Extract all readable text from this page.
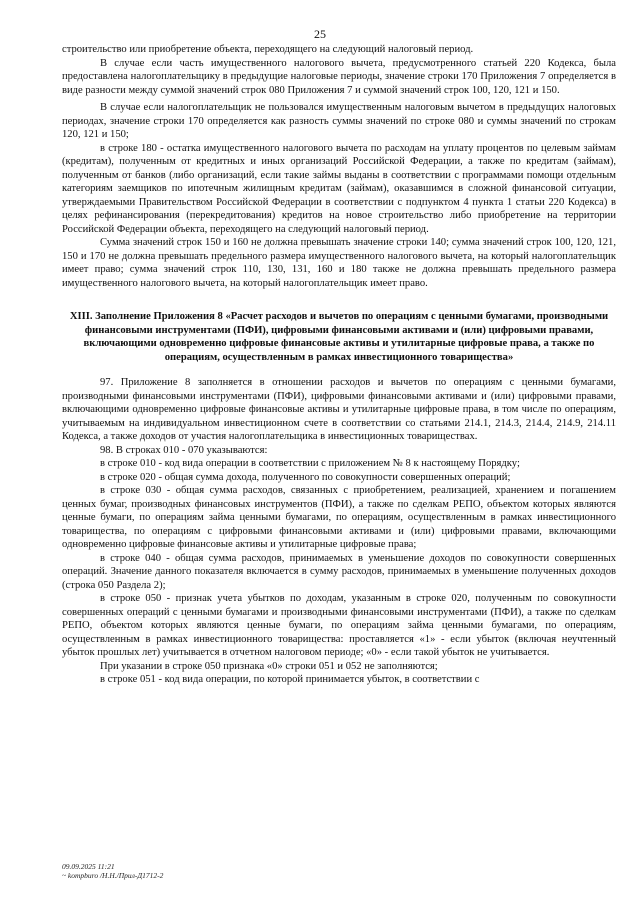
25

строительство или приобретение объекта, переходящего на следующий налоговый период.

В случае если часть имущественного налогового вычета, предусмотренного статьей 220 Кодекса, была предоставлена налогоплательщику в предыдущие налоговые периоды, значение строки 170 Приложения 7 определяется в виде разности между суммой значений строк 080 Приложения 7 и суммой значений строк 100, 120, 121 и 150.

В случае если налогоплательщик не пользовался имущественным налоговым вычетом в предыдущих налоговых периодах, значение строки 170 определяется как разность суммы значений по строке 080 и суммы значений по строкам 120, 121 и 150;

в строке 180 - остатка имущественного налогового вычета по расходам на уплату процентов по целевым займам (кредитам), полученным от кредитных и иных организаций Российской Федерации, а также по кредитам (займам), полученным от банков (либо организаций, если такие займы выданы в соответствии с программами помощи отдельным категориям заемщиков по ипотечным жилищным кредитам (займам), оказавшимся в сложной финансовой ситуации, утверждаемыми Правительством Российской Федерации в соответствии с подпунктом 4 пункта 1 статьи 220 Кодекса) в целях рефинансирования (перекредитования) кредитов на новое строительство либо приобретение на территории Российской Федерации объекта, переходящего на следующий налоговый период.

Сумма значений строк 150 и 160 не должна превышать значение строки 140; сумма значений строк 100, 120, 121, 150 и 170 не должна превышать предельного размера имущественного налогового вычета, на который налогоплательщик имеет право; сумма значений строк 110, 130, 131, 160 и 180 также не должна превышать предельного размера имущественного налогового вычета, на который налогоплательщик имеет право.

XIII. Заполнение Приложения 8 «Расчет расходов и вычетов по операциям с ценными бумагами, производными финансовыми инструментами (ПФИ), цифровыми финансовыми активами и (или) цифровыми правами, включающими одновременно цифровые финансовые активы и утилитарные цифровые права, а также по операциям, осуществленным в рамках инвестиционного товарищества»

97. Приложение 8 заполняется в отношении расходов и вычетов по операциям с ценными бумагами, производными финансовыми инструментами (ПФИ), цифровыми финансовыми активами и (или) цифровыми правами, включающими одновременно цифровые финансовые активы и утилитарные цифровые права, в том числе по операциям, учитываемым на индивидуальном инвестиционном счете в соответствии со статьями 214.1, 214.3, 214.4, 214.9, 214.11 Кодекса, а также доходов от участия налогоплательщика в инвестиционных товариществах.

98. В строках 010 - 070 указываются:

в строке 010 - код вида операции в соответствии с приложением № 8 к настоящему Порядку;

в строке 020 - общая сумма дохода, полученного по совокупности совершенных операций;

в строке 030 - общая сумма расходов, связанных с приобретением, реализацией, хранением и погашением ценных бумаг, производных финансовых инструментов (ПФИ), а также по сделкам РЕПО, объектом которых являются ценные бумаги, по операциям займа ценными бумагами, по операциям, осуществленным в рамках инвестиционного товарищества, по операциям с цифровыми финансовыми активами и (или) цифровыми правами, включающими одновременно цифровые финансовые активы и утилитарные цифровые права;

в строке 040 - общая сумма расходов, принимаемых в уменьшение доходов по совокупности совершенных операций. Значение данного показателя включается в сумму расходов, принимаемых в уменьшение полученных доходов (строка 050 Раздела 2);

в строке 050 - признак учета убытков по доходам, указанным в строке 020, полученным по совокупности совершенных операций с ценными бумагами и производными финансовыми инструментами (ПФИ), а также по сделкам РЕПО, объектом которых являются ценные бумаги, по операциям займа ценными бумагами, по операциям, осуществленным в рамках инвестиционного товарищества: проставляется «1» - если убыток (включая неучтенный убыток прошлых лет) учитывается в отчетном налоговом периоде; «0» - если такой убыток не учитывается.

При указании в строке 050 признака «0» строки 051 и 052 не заполняются;

в строке 051 - код вида операции, по которой принимается убыток, в соответствии с

09.09.2025 11:21
~ kompburo /Н.Н./Прил-Д1712-2
